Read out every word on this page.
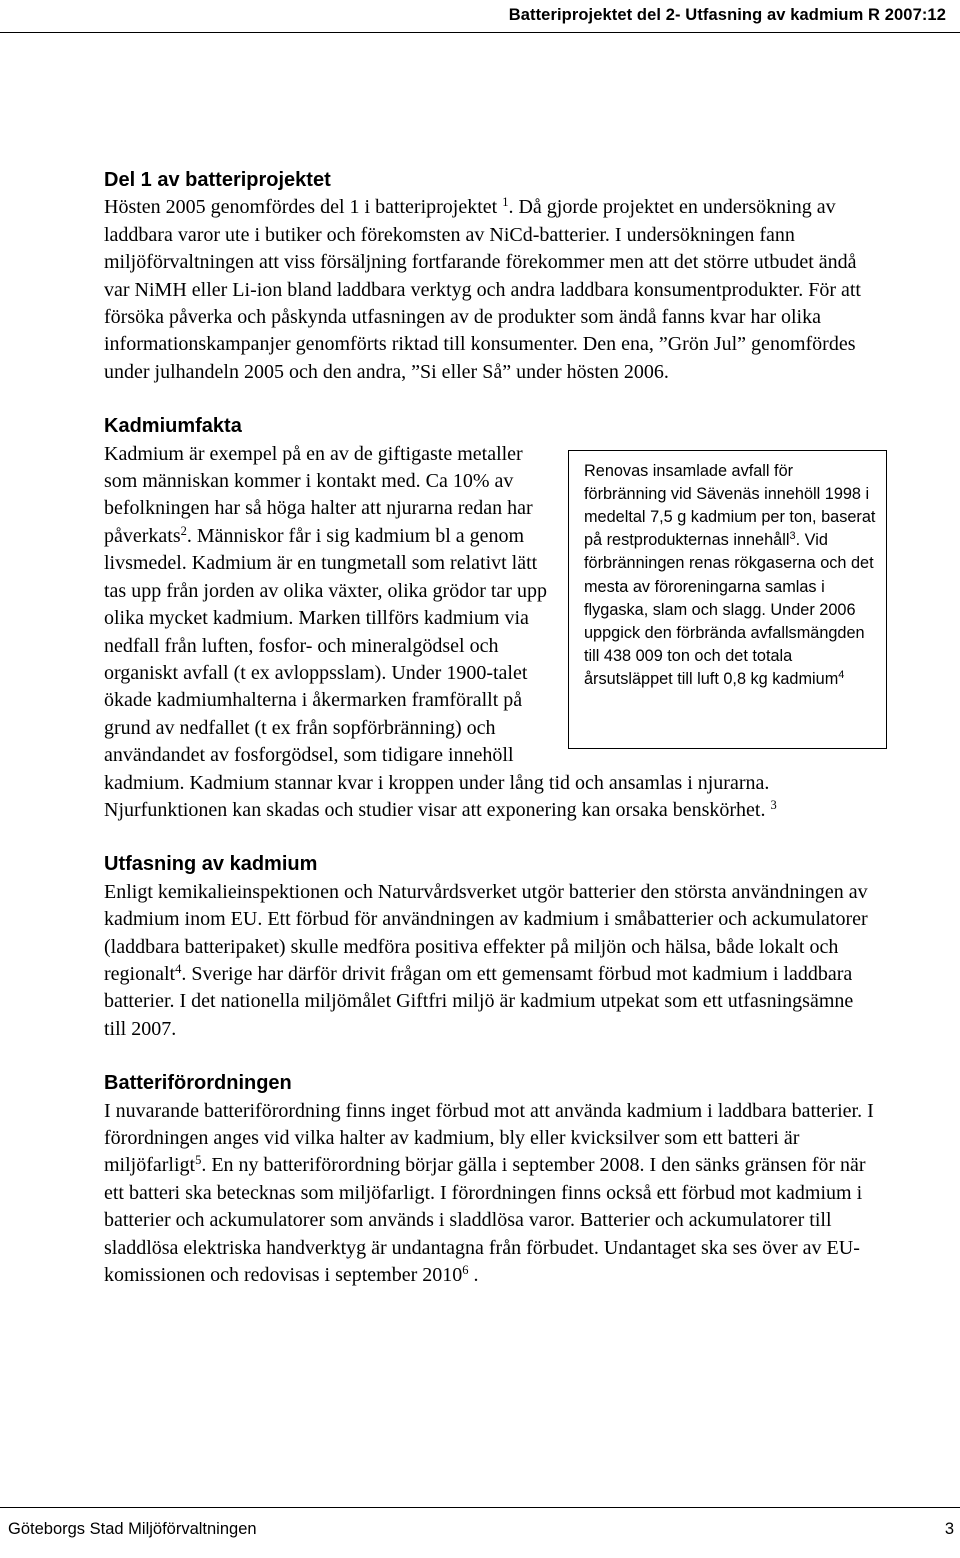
Batteriprojektet del 2- Utfasning av kadmium R 2007:12
Del 1 av batteriprojektet

Hösten 2005 genomfördes del 1 i batteriprojektet $^1$. Då gjorde projektet en undersökning av laddbara varor ute i butiker och förekomsten av NiCd-batterier. I undersökningen fann miljöförvaltningen att viss försäljning fortfarande förekommer men att det större utbudet ändå var NiMH eller Li-ion bland laddbara verktyg och andra laddbara konsumentprodukter. För att försöka påverka och påskynda utfasningen av de produkter som ändå fanns kvar har olika informationskampanjer genomförts riktad till konsumenter. Den ena, ”Grön Jul” genomfördes under julhandeln 2005 och den andra, ”Si eller Så” under hösten 2006.

Kadmiumfakta
Renovas insamlade avfall för förbränning vid Sävenäs innehöll 1998 i medeltal 7,5 g kadmium per ton, baserat på restprodukternas innehåll$^3$. Vid förbränningen renas rökgaserna och det mesta av föroreningarna samlas i flygaska, slam och slagg. Under 2006 uppgick den förbrända avfallsmängden till 438 009 ton och det totala årsutsläppet till luft 0,8 kg kadmium$^4$

Kadmium är exempel på en av de giftigaste metaller som människan kommer i kontakt med. Ca 10% av befolkningen har så höga halter att njurarna redan har påverkats$^2$. Människor får i sig kadmium bl a genom livsmedel. Kadmium är en tungmetall som relativt lätt tas upp från jorden av olika växter, olika grödor tar upp olika mycket kadmium. Marken tillförs kadmium via nedfall från luften, fosfor- och mineralgödsel och organiskt avfall (t ex avloppsslam). Under 1900-talet ökade kadmiumhalterna i åkermarken framförallt på grund av nedfallet (t ex från sopförbränning) och användandet av fosforgödsel, som tidigare innehöll kadmium. Kadmium stannar kvar i kroppen under lång tid och ansamlas i njurarna. Njurfunktionen kan skadas och studier visar att exponering kan orsaka benskörhet. $^3$

Utfasning av kadmium

Enligt kemikalieinspektionen och Naturvårdsverket utgör batterier den största användningen av kadmium inom EU. Ett förbud för användningen av kadmium i småbatterier och ackumulatorer (laddbara batteripaket) skulle medföra positiva effekter på miljön och hälsa, både lokalt och regionalt$^4$. Sverige har därför drivit frågan om ett gemensamt förbud mot kadmium i laddbara batterier. I det nationella miljömålet Giftfri miljö är kadmium utpekat som ett utfasningsämne till 2007.

Batteriförordningen

I nuvarande batteriförordning finns inget förbud mot att använda kadmium i laddbara batterier. I förordningen anges vid vilka halter av kadmium, bly eller kvicksilver som ett batteri är miljöfarligt$^5$. En ny batteriförordning börjar gälla i september 2008. I den sänks gränsen för när ett batteri ska betecknas som miljöfarligt. I förordningen finns också ett förbud mot kadmium i batterier och ackumulatorer som används i sladdlösa varor. Batterier och ackumulatorer till sladdlösa elektriska handverktyg är undantagna från förbudet. Undantaget ska ses över av EU-komissionen och redovisas i september 2010$^6$ .

Göteborgs Stad Miljöförvaltningen	3
